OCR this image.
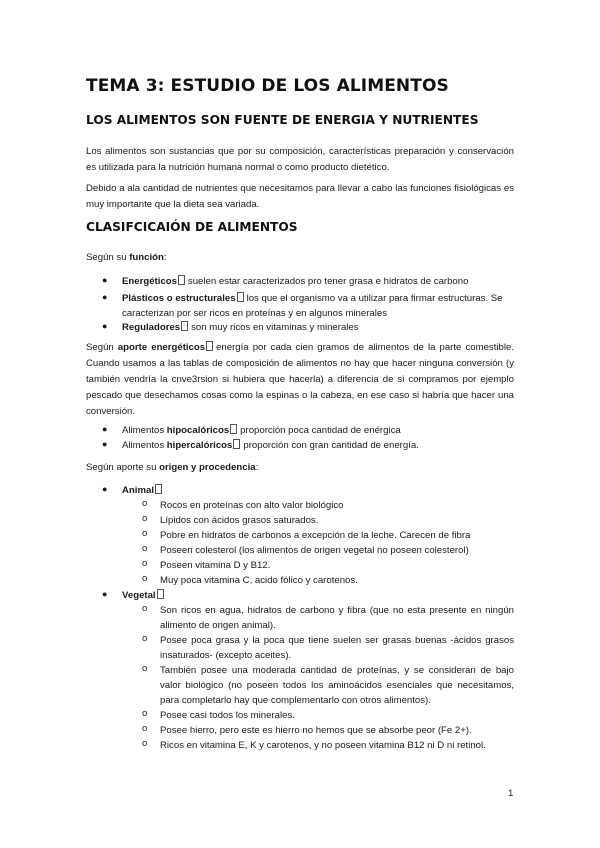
TEMA 3: ESTUDIO DE LOS ALIMENTOS
LOS ALIMENTOS SON FUENTE DE ENERGIA Y NUTRIENTES

Los alimentos son sustancias que por su composición, características preparación y conservación es utilizada para la nutrición humana normal o como producto dietético.

Debido a ala cantidad de nutrientes que necesitamos para llevar a cabo las funciones fisiológicas es muy importante que la dieta sea variada.

CLASIFCICAIÓN DE ALIMENTOS

Según su función:

● Energéticos suelen estar caracterizados pro tener grasa e hidratos de carbono

● Plásticos o estructurales los que el organismo va a utilizar para firmar estructuras. Se caracterizan por ser ricos en proteínas y en algunos minerales

● Reguladores son muy ricos en vitaminas y minerales

Según aporte energéticos energía por cada cien gramos de alimentos de la parte comestible. Cuando usamos a las tablas de composición de alimentos no hay que hacer ninguna conversión (y también vendría la cnve3rsion si hubiera que hacerla) a diferencia de si compramos por ejemplo pescado que desechamos cosas como la espinas o la cabeza, en ese caso si habría que hacer una conversión.

● Alimentos hipocalóricos proporción poca cantidad de enérgica

● Alimentos hipercalóricos proporción con gran cantidad de energía.

Según aporte su origen y procedencia:

● Animal

o Rocos en proteínas con alto valor biológico

o Lípidos con ácidos grasos saturados.

o Pobre en hidratos de carbonos a excepción de la leche. Carecen de fibra

o Poseen colesterol (los alimentos de origen vegetal no poseen colesterol)

o Poseen vitamina D y B12.

o Muy poca vitamina C, acido fólico y carotenos.

● Vegetal

o Son ricos en agua, hidratos de carbono y fibra (que no esta presente en ningún alimento de origen animal).

o Posee poca grasa y la poca que tiene suelen ser grasas buenas -ácidos grasos insaturados- (excepto aceites).

o También posee una moderada cantidad de proteínas, y se consideran de bajo valor biológico (no poseen todos los aminoácidos esenciales que necesitamos, para completarlo hay que complementarlo con otros alimentos).

o Posee casi todos los minerales.

o Posee hierro, pero este es hierro no hemos que se absorbe peor (Fe 2+).

o Ricos en vitamina E, K y carotenos, y no poseen vitamina B12 ni D ni retinol.

1
